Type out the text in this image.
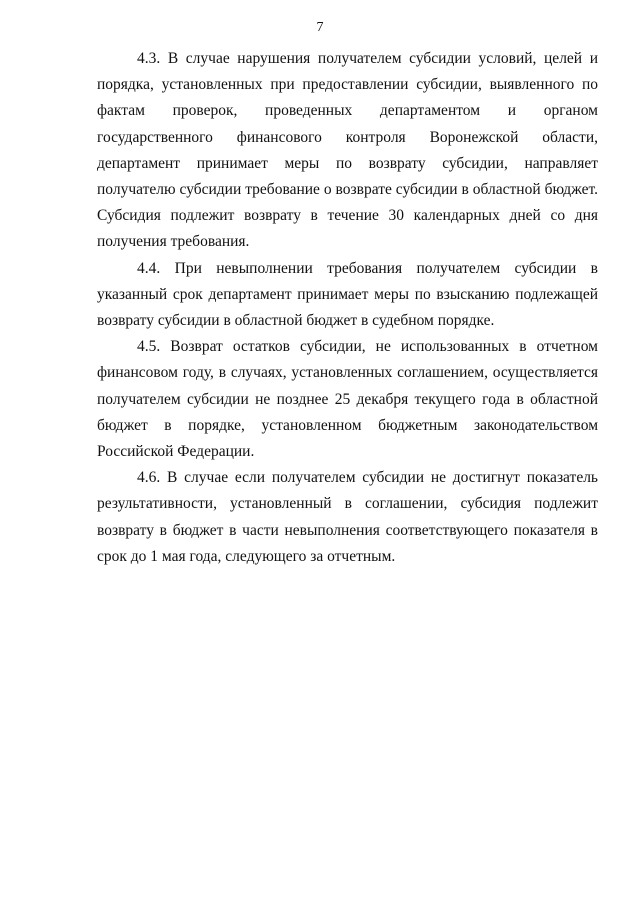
7

4.3. В случае нарушения получателем субсидии условий, целей и порядка, установленных при предоставлении субсидии, выявленного по фактам проверок, проведенных департаментом и органом государственного финансового контроля Воронежской области, департамент принимает меры по возврату субсидии, направляет получателю субсидии требование о возврате субсидии в областной бюджет. Субсидия подлежит возврату в течение 30 календарных дней со дня получения требования.

4.4. При невыполнении требования получателем субсидии в указанный срок департамент принимает меры по взысканию подлежащей возврату субсидии в областной бюджет в судебном порядке.

4.5. Возврат остатков субсидии, не использованных в отчетном финансовом году, в случаях, установленных соглашением, осуществляется получателем субсидии не позднее 25 декабря текущего года в областной бюджет в порядке, установленном бюджетным законодательством Российской Федерации.

4.6. В случае если получателем субсидии не достигнут показатель результативности, установленный в соглашении, субсидия подлежит возврату в бюджет в части невыполнения соответствующего показателя в срок до 1 мая года, следующего за отчетным.
